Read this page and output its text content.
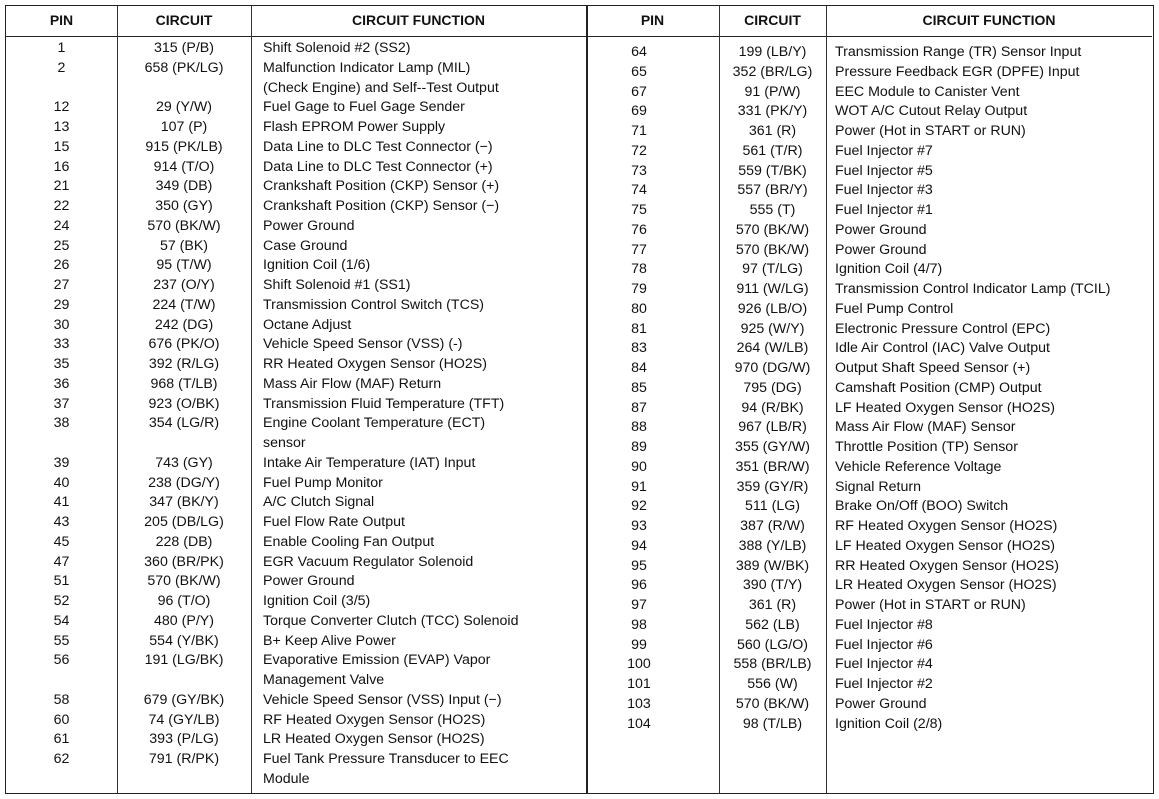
PIN	CIRCUIT	CIRCUIT FUNCTION	PIN	CIRCUIT	CIRCUIT FUNCTION
1	315 (P/B)	Shift Solenoid #2 (SS2)
2	658 (PK/LG)	Malfunction Indicator Lamp (MIL)
(Check Engine) and Self--Test Output
12	29 (Y/W)	Fuel Gage to Fuel Gage Sender
13	107 (P)	Flash EPROM Power Supply
15	915 (PK/LB)	Data Line to DLC Test Connector (−)
16	914 (T/O)	Data Line to DLC Test Connector (+)
21	349 (DB)	Crankshaft Position (CKP) Sensor (+)
22	350 (GY)	Crankshaft Position (CKP) Sensor (−)
24	570 (BK/W)	Power Ground
25	57 (BK)	Case Ground
26	95 (T/W)	Ignition Coil (1/6)
27	237 (O/Y)	Shift Solenoid #1 (SS1)
29	224 (T/W)	Transmission Control Switch (TCS)
30	242 (DG)	Octane Adjust
33	676 (PK/O)	Vehicle Speed Sensor (VSS) (-)
35	392 (R/LG)	RR Heated Oxygen Sensor (HO2S)
36	968 (T/LB)	Mass Air Flow (MAF) Return
37	923 (O/BK)	Transmission Fluid Temperature (TFT)
38	354 (LG/R)	Engine Coolant Temperature (ECT)
sensor
39	743 (GY)	Intake Air Temperature (IAT) Input
40	238 (DG/Y)	Fuel Pump Monitor
41	347 (BK/Y)	A/C Clutch Signal
43	205 (DB/LG)	Fuel Flow Rate Output
45	228 (DB)	Enable Cooling Fan Output
47	360 (BR/PK)	EGR Vacuum Regulator Solenoid
51	570 (BK/W)	Power Ground
52	96 (T/O)	Ignition Coil (3/5)
54	480 (P/Y)	Torque Converter Clutch (TCC) Solenoid
55	554 (Y/BK)	B+ Keep Alive Power
56	191 (LG/BK)	Evaporative Emission (EVAP) Vapor
Management Valve
58	679 (GY/BK)	Vehicle Speed Sensor (VSS) Input (−)
60	74 (GY/LB)	RF Heated Oxygen Sensor (HO2S)
61	393 (P/LG)	LR Heated Oxygen Sensor (HO2S)
62	791 (R/PK)	Fuel Tank Pressure Transducer to EEC
Module
64	199 (LB/Y)	Transmission Range (TR) Sensor Input
65	352 (BR/LG)	Pressure Feedback EGR (DPFE) Input
67	91 (P/W)	EEC Module to Canister Vent
69	331 (PK/Y)	WOT A/C Cutout Relay Output
71	361 (R)	Power (Hot in START or RUN)
72	561 (T/R)	Fuel Injector #7
73	559 (T/BK)	Fuel Injector #5
74	557 (BR/Y)	Fuel Injector #3
75	555 (T)	Fuel Injector #1
76	570 (BK/W)	Power Ground
77	570 (BK/W)	Power Ground
78	97 (T/LG)	Ignition Coil (4/7)
79	911 (W/LG)	Transmission Control Indicator Lamp (TCIL)
80	926 (LB/O)	Fuel Pump Control
81	925 (W/Y)	Electronic Pressure Control (EPC)
83	264 (W/LB)	Idle Air Control (IAC) Valve Output
84	970 (DG/W)	Output Shaft Speed Sensor (+)
85	795 (DG)	Camshaft Position (CMP) Output
87	94 (R/BK)	LF Heated Oxygen Sensor (HO2S)
88	967 (LB/R)	Mass Air Flow (MAF) Sensor
89	355 (GY/W)	Throttle Position (TP) Sensor
90	351 (BR/W)	Vehicle Reference Voltage
91	359 (GY/R)	Signal Return
92	511 (LG)	Brake On/Off (BOO) Switch
93	387 (R/W)	RF Heated Oxygen Sensor (HO2S)
94	388 (Y/LB)	LF Heated Oxygen Sensor (HO2S)
95	389 (W/BK)	RR Heated Oxygen Sensor (HO2S)
96	390 (T/Y)	LR Heated Oxygen Sensor (HO2S)
97	361 (R)	Power (Hot in START or RUN)
98	562 (LB)	Fuel Injector #8
99	560 (LG/O)	Fuel Injector #6
100	558 (BR/LB)	Fuel Injector #4
101	556 (W)	Fuel Injector #2
103	570 (BK/W)	Power Ground
104	98 (T/LB)	Ignition Coil (2/8)
